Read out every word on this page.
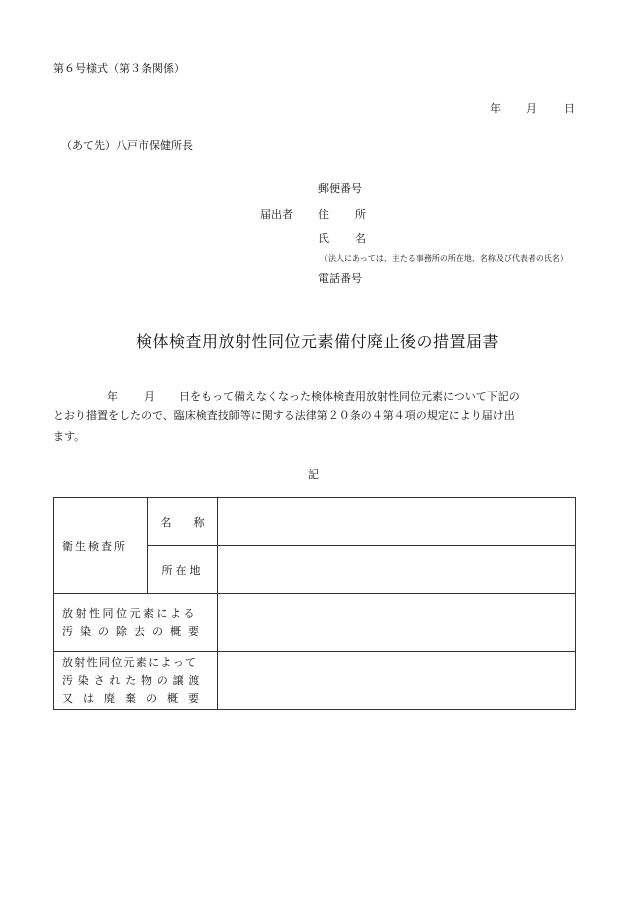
第６号様式（第３条関係）
年 月 日
（あて先）八戸市保健所長
郵便番号
届出者 住 所
氏 名
（法人にあっては、主たる事務所の所在地、名称及び代表者の氏名）
電話番号
検体検査用放射性同位元素備付廃止後の措置届書
年 月 日をもって備えなくなった検体検査用放射性同位元素について下記の
とおり措置をしたので、臨床検査技師等に関する法律第２０条の４第４項の規定により届け出
ます。
記
衛生検査所	名 称	
	所在地	

放射性同位元素による
汚染の除去の概要		

放射性同位元素によって
汚染された物の譲渡
又は廃棄の概要		
